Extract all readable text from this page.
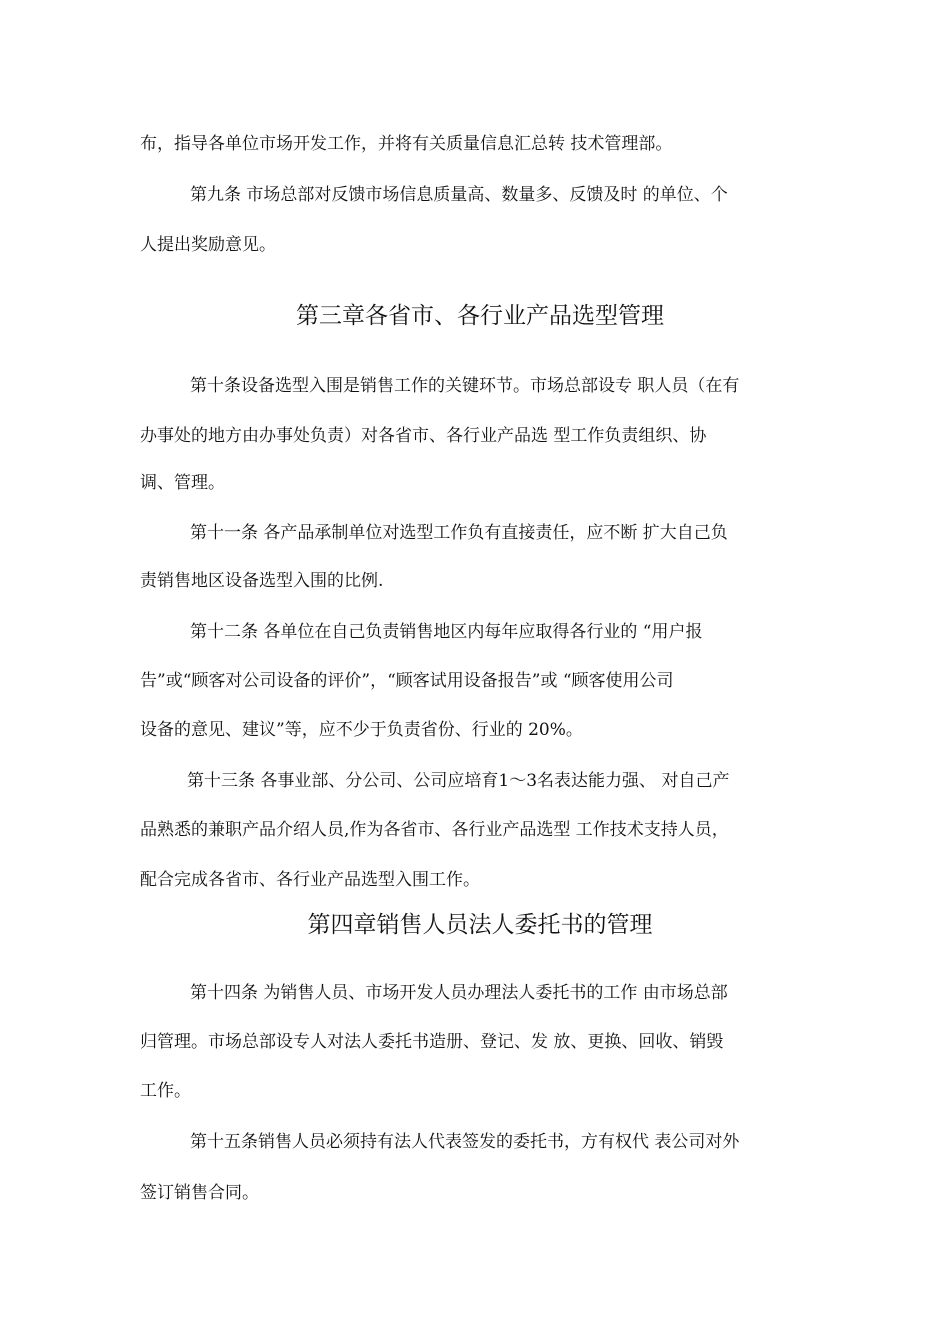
布，指导各单位市场开发工作，并将有关质量信息汇总转 技术管理部。
第九条 市场总部对反馈市场信息质量高、数量多、反馈及时 的单位、个
人提出奖励意见。
第三章各省市、各行业产品选型管理
第十条设备选型入围是销售工作的关键环节。市场总部设专 职人员（在有
办事处的地方由办事处负责）对各省市、各行业产品选 型工作负责组织、协
调、管理。
第十一条 各产品承制单位对选型工作负有直接责任，应不断 扩大自己负
责销售地区设备选型入围的比例.
第十二条 各单位在自己负责销售地区内每年应取得各行业的 “用户报
告”或“顾客对公司设备的评价”，“顾客试用设备报告”或 “顾客使用公司
设备的意见、建议”等，应不少于负责省份、行业的 20%。
第十三条 各事业部、分公司、公司应培育1〜3名表达能力强、 对自己产
品熟悉的兼职产品介绍人员,作为各省市、各行业产品选型 工作技术支持人员，
配合完成各省市、各行业产品选型入围工作。
第四章销售人员法人委托书的管理
第十四条 为销售人员、市场开发人员办理法人委托书的工作 由市场总部
归管理。市场总部设专人对法人委托书造册、登记、发 放、更换、回收、销毁
工作。
第十五条销售人员必须持有法人代表签发的委托书，方有权代 表公司对外
签订销售合同。
